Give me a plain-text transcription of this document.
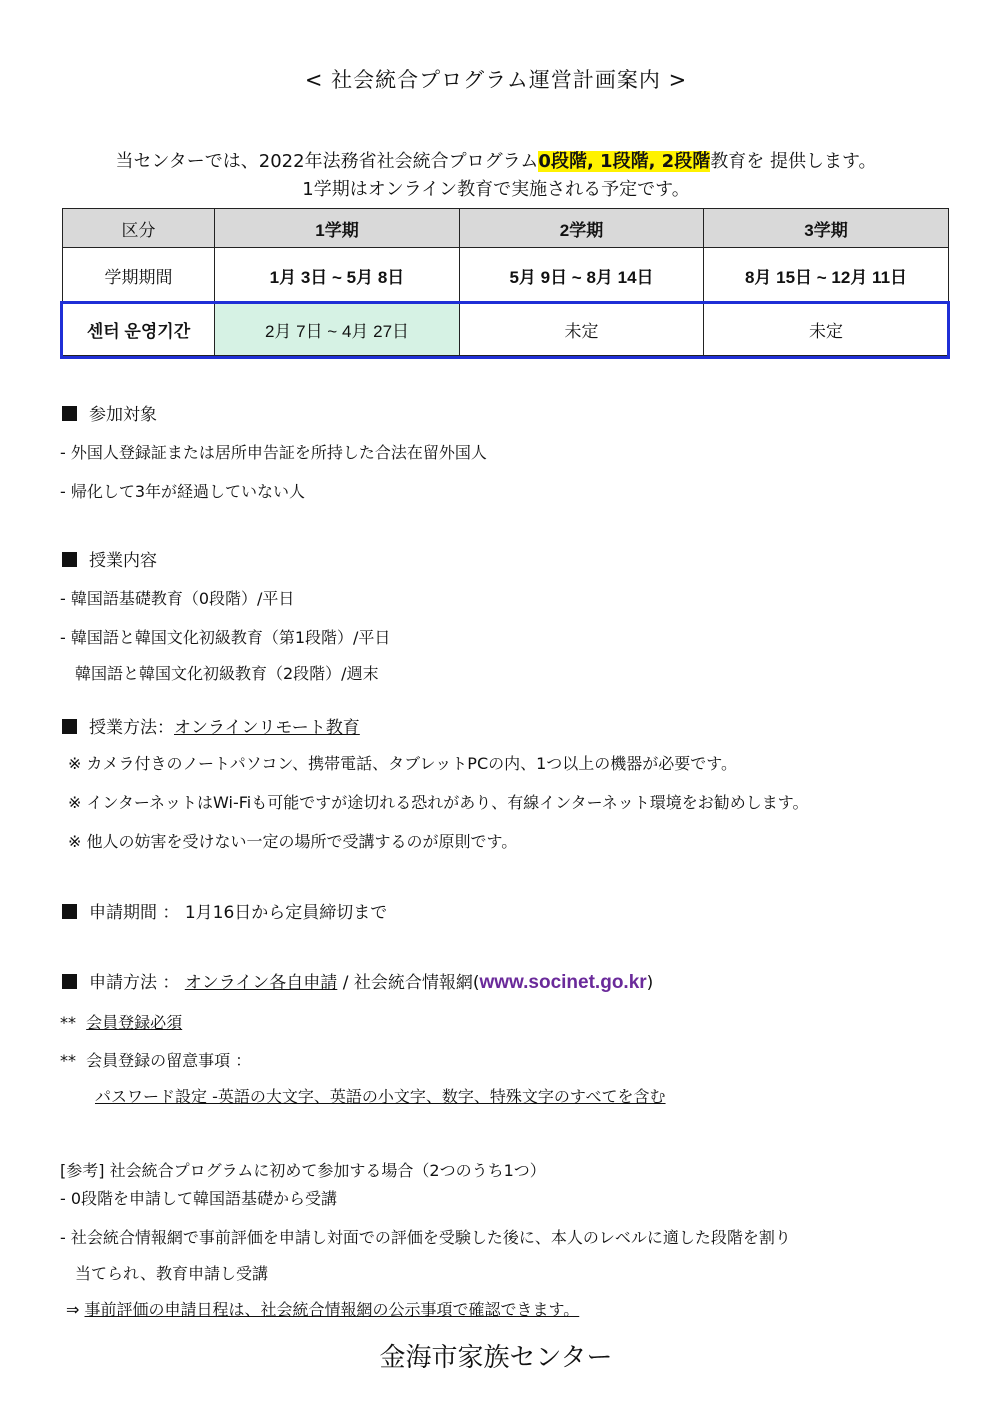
< 社会統合プログラム運営計画案内 >
当センターでは、2022年法務省社会統合プログラム0段階, 1段階, 2段階教育を 提供します。
1学期はオンライン教育で実施される予定です。
区分	1学期	2学期	3学期
学期期間	1月 3日 ~ 5月 8日	5月 9日 ~ 8月 14日	8月 15日 ~ 12月 11日
센터 운영기간	2月 7日 ~ 4月 27日	未定	未定
参加対象
- 外国人登録証または居所申告証を所持した合法在留外国人
- 帰化して3年が経過していない人
授業内容
- 韓国語基礎教育（0段階）/平日
- 韓国語と韓国文化初級教育（第1段階）/平日
韓国語と韓国文化初級教育（2段階）/週末
授業方法：オンラインリモート教育
※ カメラ付きのノートパソコン、携帯電話、タブレットPCの内、1つ以上の機器が必要です。
※ インターネットはWi-Fiも可能ですが途切れる恐れがあり、有線インターネット環境をお勧めします。
※ 他人の妨害を受けない一定の場所で受講するのが原則です。
申請期間 ： 1月16日から定員締切まで
申請方法 ： オンライン各自申請 / 社会統合情報網(www.socinet.go.kr)
** 会員登録必須
** 会員登録の留意事項 ：
パスワード設定 -英語の大文字、英語の小文字、数字、特殊文字のすべてを含む
[参考] 社会統合プログラムに初めて参加する場合（2つのうち1つ）
- 0段階を申請して韓国語基礎から受講
- 社会統合情報網で事前評価を申請し対面での評価を受験した後に、本人のレベルに適した段階を割り
当てられ、教育申請し受講
⇒ 事前評価の申請日程は、社会統合情報網の公示事項で確認できます。
金海市家族センター
